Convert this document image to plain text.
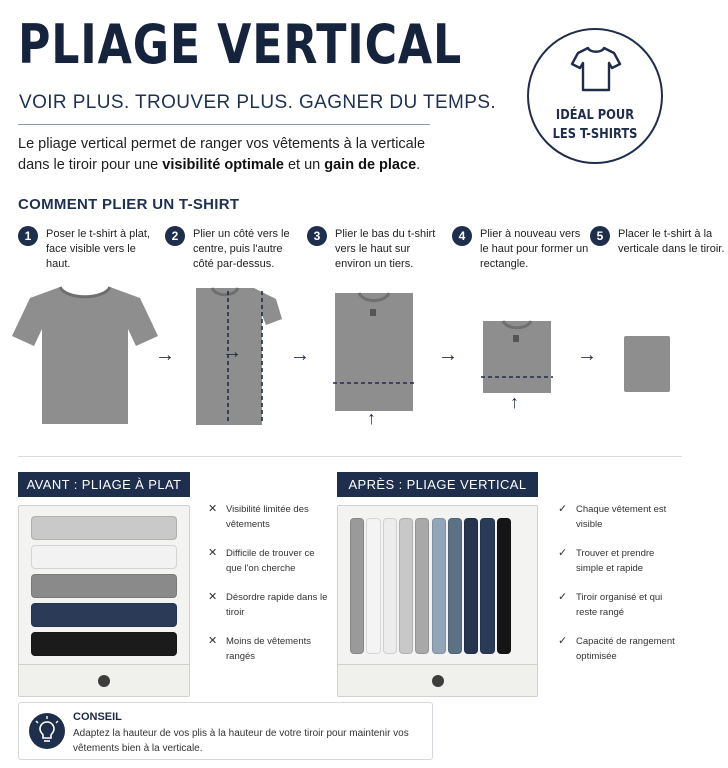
PLIAGE VERTICAL
VOIR PLUS. TROUVER PLUS. GAGNER DU TEMPS.
Le pliage vertical permet de ranger vos vêtements à la verticale dans le tiroir pour une visibilité optimale et un gain de place.
IDÉAL POUR
LES T-SHIRTS
COMMENT PLIER UN T-SHIRT
1	Poser le t-shirt à plat, face visible vers le haut.
2	Plier un côté vers le centre, puis l'autre côté par-dessus.
3	Plier le bas du t-shirt vers le haut sur environ un tiers.
4	Plier à nouveau vers le haut pour former un rectangle.
5	Placer le t-shirt à la verticale dans le tiroir.
→ → →
↑
→
↑
→
AVANT : PLIAGE À PLAT
✕ Visibilité limitée des vêtements
✕ Difficile de trouver ce que l'on cherche
✕ Désordre rapide dans le tiroir
✕ Moins de vêtements rangés
APRÈS : PLIAGE VERTICAL
✓ Chaque vêtement est visible
✓ Trouver et prendre simple et rapide
✓ Tiroir organisé et qui reste rangé
✓ Capacité de rangement optimisée
CONSEIL
Adaptez la hauteur de vos plis à la hauteur de votre tiroir pour maintenir vos vêtements bien à la verticale.
